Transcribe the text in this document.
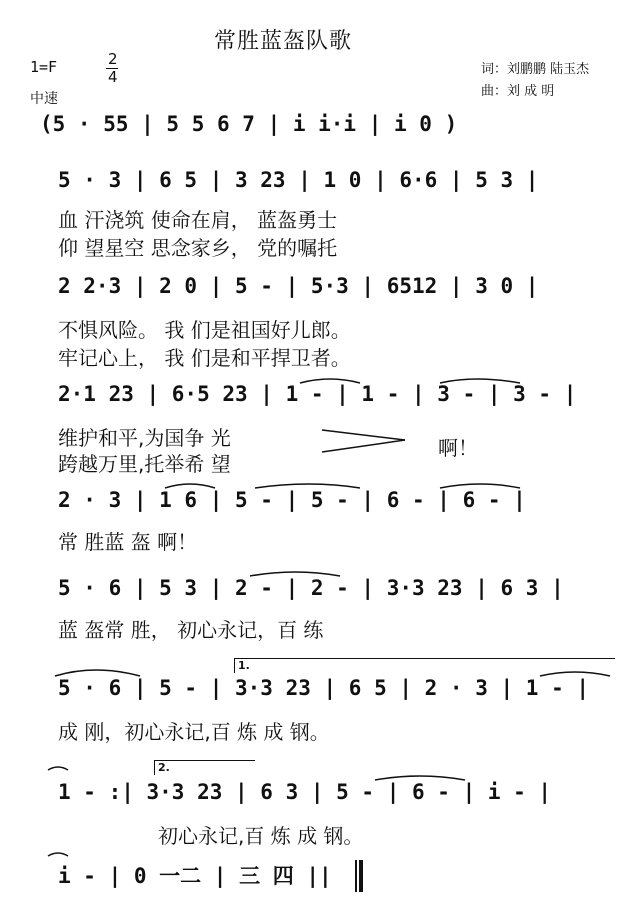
常胜蓝盔队歌
词：刘鹏鹏 陆玉杰
曲：刘 成 明
1=F	2
4
中速
(5 · 55 | 5 5 6 7 | i i·i | i 0 )
5 · 3 | 6 5 | 3 23 | 1 0 | 6·6 | 5 3 |
血 汗浇筑 使命在肩， 蓝盔勇士
仰 望星空 思念家乡， 党的嘱托
2 2·3 | 2 0 | 5 - | 5·3 | 6512 | 3 0 |
不惧风险。 我 们是祖国好儿郎。
牢记心上， 我 们是和平捍卫者。
2·1 23 | 6·5 23 | 1 - | 1 - | 3 - | 3 - |
维护和平,为国争 光
跨越万里,托举希 望
啊！
2 · 3 | 1 6 | 5 - | 5 - | 6 - | 6 - |
常 胜蓝 盔 啊！
5 · 6 | 5 3 | 2 - | 2 - | 3·3 23 | 6 3 |
蓝 盔常 胜， 初心永记，百 练
1.
5 · 6 | 5 - | 3·3 23 | 6 5 | 2 · 3 | 1 - |
成 刚，初心永记,百 炼 成 钢。
2.
1 - :| 3·3 23 | 6 3 | 5 - | 6 - | i - |
初心永记,百 炼 成 钢。
i - | 0 一二 | 三 四 ||
